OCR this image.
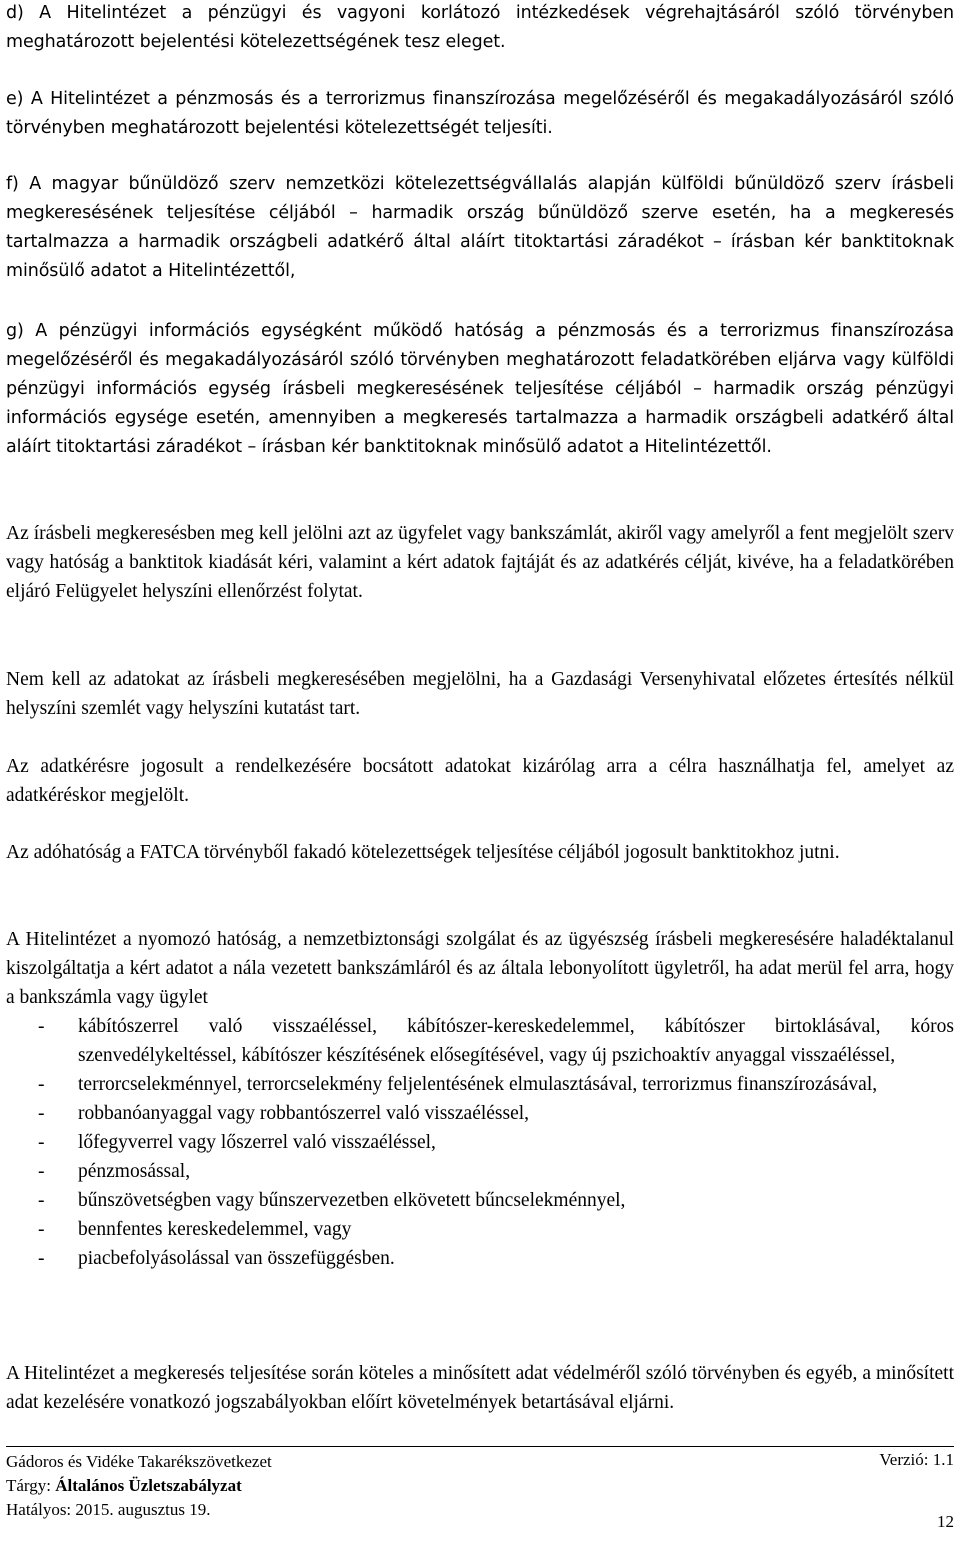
d) A Hitelintézet a pénzügyi és vagyoni korlátozó intézkedések végrehajtásáról szóló törvényben meghatározott bejelentési kötelezettségének tesz eleget.

e) A Hitelintézet a pénzmosás és a terrorizmus finanszírozása megelőzéséről és megakadályozásáról szóló törvényben meghatározott bejelentési kötelezettségét teljesíti.

f) A magyar bűnüldöző szerv nemzetközi kötelezettségvállalás alapján külföldi bűnüldöző szerv írásbeli megkeresésének teljesítése céljából – harmadik ország bűnüldöző szerve esetén, ha a megkeresés tartalmazza a harmadik országbeli adatkérő által aláírt titoktartási záradékot – írásban kér banktitoknak minősülő adatot a Hitelintézettől,

g) A pénzügyi információs egységként működő hatóság a pénzmosás és a terrorizmus finanszírozása megelőzéséről és megakadályozásáról szóló törvényben meghatározott feladatkörében eljárva vagy külföldi pénzügyi információs egység írásbeli megkeresésének teljesítése céljából – harmadik ország pénzügyi információs egysége esetén, amennyiben a megkeresés tartalmazza a harmadik országbeli adatkérő által aláírt titoktartási záradékot – írásban kér banktitoknak minősülő adatot a Hitelintézettől.

Az írásbeli megkeresésben meg kell jelölni azt az ügyfelet vagy bankszámlát, akiről vagy amelyről a fent megjelölt szerv vagy hatóság a banktitok kiadását kéri, valamint a kért adatok fajtáját és az adatkérés célját, kivéve, ha a feladatkörében eljáró Felügyelet helyszíni ellenőrzést folytat.

Nem kell az adatokat az írásbeli megkeresésében megjelölni, ha a Gazdasági Versenyhivatal előzetes értesítés nélkül helyszíni szemlét vagy helyszíni kutatást tart.

Az adatkérésre jogosult a rendelkezésére bocsátott adatokat kizárólag arra a célra használhatja fel, amelyet az adatkéréskor megjelölt.

Az adóhatóság a FATCA törvényből fakadó kötelezettségek teljesítése céljából jogosult banktitokhoz jutni.

A Hitelintézet a nyomozó hatóság, a nemzetbiztonsági szolgálat és az ügyészség írásbeli megkeresésére haladéktalanul kiszolgáltatja a kért adatot a nála vezetett bankszámláról és az általa lebonyolított ügyletről, ha adat merül fel arra, hogy a bankszámla vagy ügylet

- kábítószerrel való visszaéléssel, kábítószer-kereskedelemmel, kábítószer birtoklásával, kóros szenvedélykeltéssel, kábítószer készítésének elősegítésével, vagy új pszichoaktív anyaggal visszaéléssel,
- terrorcselekménnyel, terrorcselekmény feljelentésének elmulasztásával, terrorizmus finanszírozásával,
- robbanóanyaggal vagy robbantószerrel való visszaéléssel,
- lőfegyverrel vagy lőszerrel való visszaéléssel,
- pénzmosással,
- bűnszövetségben vagy bűnszervezetben elkövetett bűncselekménnyel,
- bennfentes kereskedelemmel, vagy
- piacbefolyásolással van összefüggésben.

A Hitelintézet a megkeresés teljesítése során köteles a minősített adat védelméről szóló törvényben és egyéb, a minősített adat kezelésére vonatkozó jogszabályokban előírt követelmények betartásával eljárni.

Gádoros és Vidéke Takarékszövetkezet	Verzió: 1.1
Tárgy: Általános Üzletszabályzat
Hatályos: 2015. augusztus 19.
12
